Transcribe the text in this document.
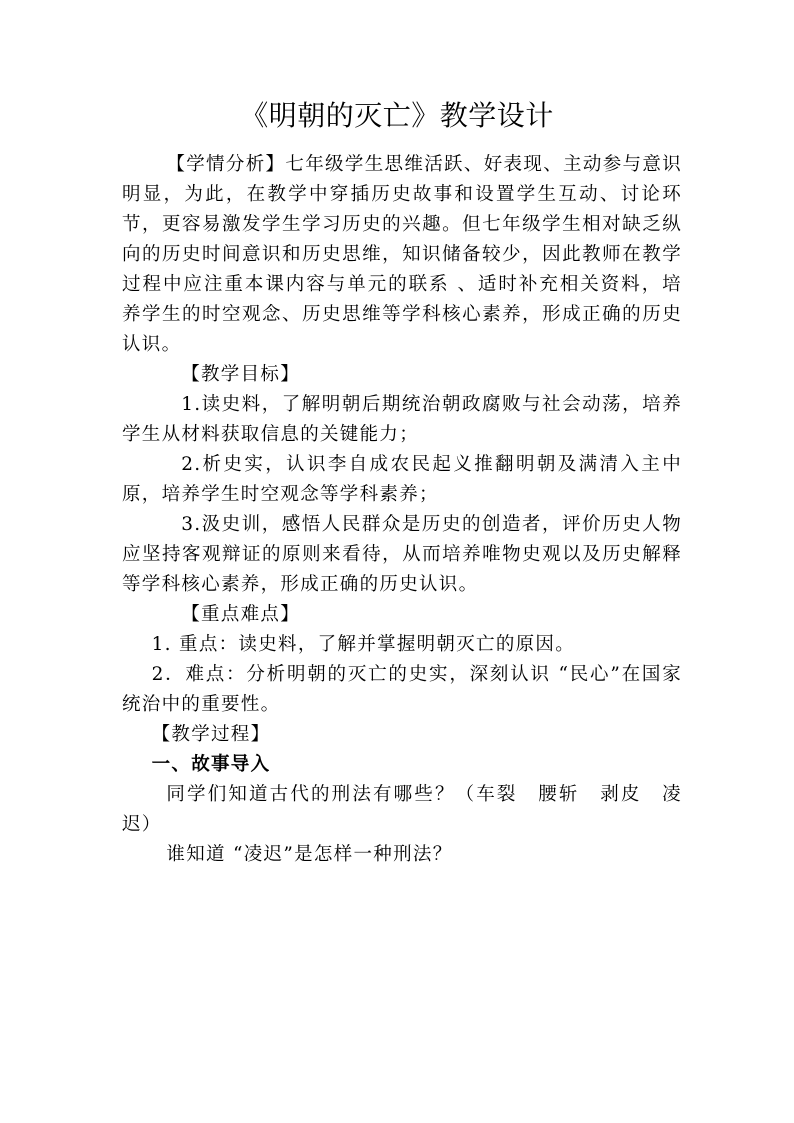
《明朝的灭亡》教学设计

【学情分析】七年级学生思维活跃、好表现、主动参与意识明显，为此，在教学中穿插历史故事和设置学生互动、讨论环节，更容易激发学生学习历史的兴趣。但七年级学生相对缺乏纵向的历史时间意识和历史思维，知识储备较少，因此教师在教学过程中应注重本课内容与单元的联系 、适时补充相关资料，培养学生的时空观念、历史思维等学科核心素养，形成正确的历史认识。

【教学目标】

1.读史料，了解明朝后期统治朝政腐败与社会动荡，培养学生从材料获取信息的关键能力；

2.析史实，认识李自成农民起义推翻明朝及满清入主中原，培养学生时空观念等学科素养；

3.汲史训，感悟人民群众是历史的创造者，评价历史人物应坚持客观辩证的原则来看待，从而培养唯物史观以及历史解释等学科核心素养，形成正确的历史认识。

【重点难点】

1. 重点：读史料，了解并掌握明朝灭亡的原因。

2．难点：分析明朝的灭亡的史实，深刻认识 “民心”在国家统治中的重要性。

【教学过程】

一、故事导入

同学们知道古代的刑法有哪些？（车裂　腰斩　剥皮　凌迟）

谁知道 “凌迟”是怎样一种刑法？
